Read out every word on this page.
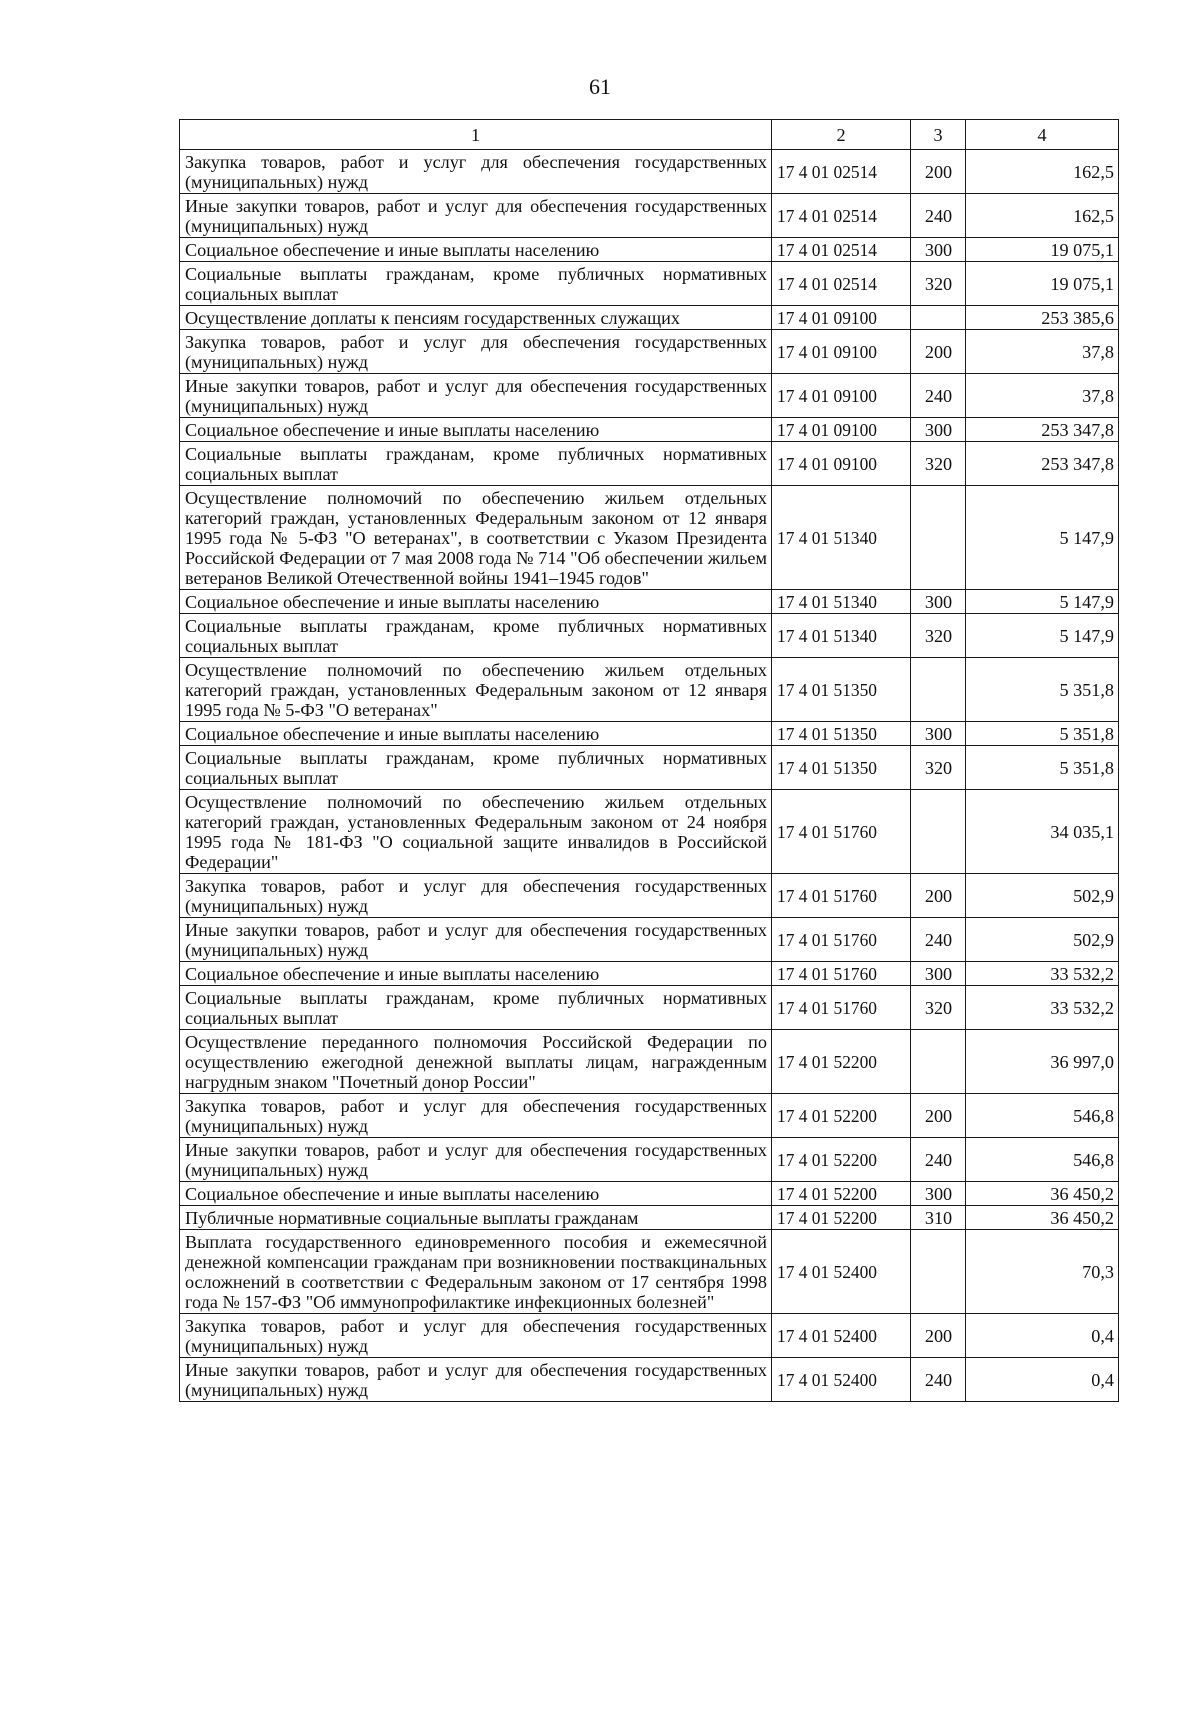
61
1	2	3	4
Закупка товаров, работ и услуг для обеспечения государственных (муниципальных) нужд	17 4 01 02514	200	162,5
Иные закупки товаров, работ и услуг для обеспечения государственных (муниципальных) нужд	17 4 01 02514	240	162,5
Социальное обеспечение и иные выплаты населению	17 4 01 02514	300	19 075,1
Социальные выплаты гражданам, кроме публичных нормативных социальных выплат	17 4 01 02514	320	19 075,1
Осуществление доплаты к пенсиям государственных служащих	17 4 01 09100		253 385,6
Закупка товаров, работ и услуг для обеспечения государственных (муниципальных) нужд	17 4 01 09100	200	37,8
Иные закупки товаров, работ и услуг для обеспечения государственных (муниципальных) нужд	17 4 01 09100	240	37,8
Социальное обеспечение и иные выплаты населению	17 4 01 09100	300	253 347,8
Социальные выплаты гражданам, кроме публичных нормативных социальных выплат	17 4 01 09100	320	253 347,8
Осуществление полномочий по обеспечению жильем отдельных категорий граждан, установленных Федеральным законом от 12 января 1995 года № 5-ФЗ "О ветеранах", в соответствии с Указом Президента Российской Федерации от 7 мая 2008 года № 714 "Об обеспечении жильем ветеранов Великой Отечественной войны 1941–1945 годов"	17 4 01 51340		5 147,9
Социальное обеспечение и иные выплаты населению	17 4 01 51340	300	5 147,9
Социальные выплаты гражданам, кроме публичных нормативных социальных выплат	17 4 01 51340	320	5 147,9
Осуществление полномочий по обеспечению жильем отдельных категорий граждан, установленных Федеральным законом от 12 января 1995 года № 5-ФЗ "О ветеранах"	17 4 01 51350		5 351,8
Социальное обеспечение и иные выплаты населению	17 4 01 51350	300	5 351,8
Социальные выплаты гражданам, кроме публичных нормативных социальных выплат	17 4 01 51350	320	5 351,8
Осуществление полномочий по обеспечению жильем отдельных категорий граждан, установленных Федеральным законом от 24 ноября 1995 года № 181-ФЗ "О социальной защите инвалидов в Российской Федерации"	17 4 01 51760		34 035,1
Закупка товаров, работ и услуг для обеспечения государственных (муниципальных) нужд	17 4 01 51760	200	502,9
Иные закупки товаров, работ и услуг для обеспечения государственных (муниципальных) нужд	17 4 01 51760	240	502,9
Социальное обеспечение и иные выплаты населению	17 4 01 51760	300	33 532,2
Социальные выплаты гражданам, кроме публичных нормативных социальных выплат	17 4 01 51760	320	33 532,2
Осуществление переданного полномочия Российской Федерации по осуществлению ежегодной денежной выплаты лицам, награжденным нагрудным знаком "Почетный донор России"	17 4 01 52200		36 997,0
Закупка товаров, работ и услуг для обеспечения государственных (муниципальных) нужд	17 4 01 52200	200	546,8
Иные закупки товаров, работ и услуг для обеспечения государственных (муниципальных) нужд	17 4 01 52200	240	546,8
Социальное обеспечение и иные выплаты населению	17 4 01 52200	300	36 450,2
Публичные нормативные социальные выплаты гражданам	17 4 01 52200	310	36 450,2
Выплата государственного единовременного пособия и ежемесячной денежной компенсации гражданам при возникновении поствакцинальных осложнений в соответствии с Федеральным законом от 17 сентября 1998 года № 157-ФЗ "Об иммунопрофилактике инфекционных болезней"	17 4 01 52400		70,3
Закупка товаров, работ и услуг для обеспечения государственных (муниципальных) нужд	17 4 01 52400	200	0,4
Иные закупки товаров, работ и услуг для обеспечения государственных (муниципальных) нужд	17 4 01 52400	240	0,4
